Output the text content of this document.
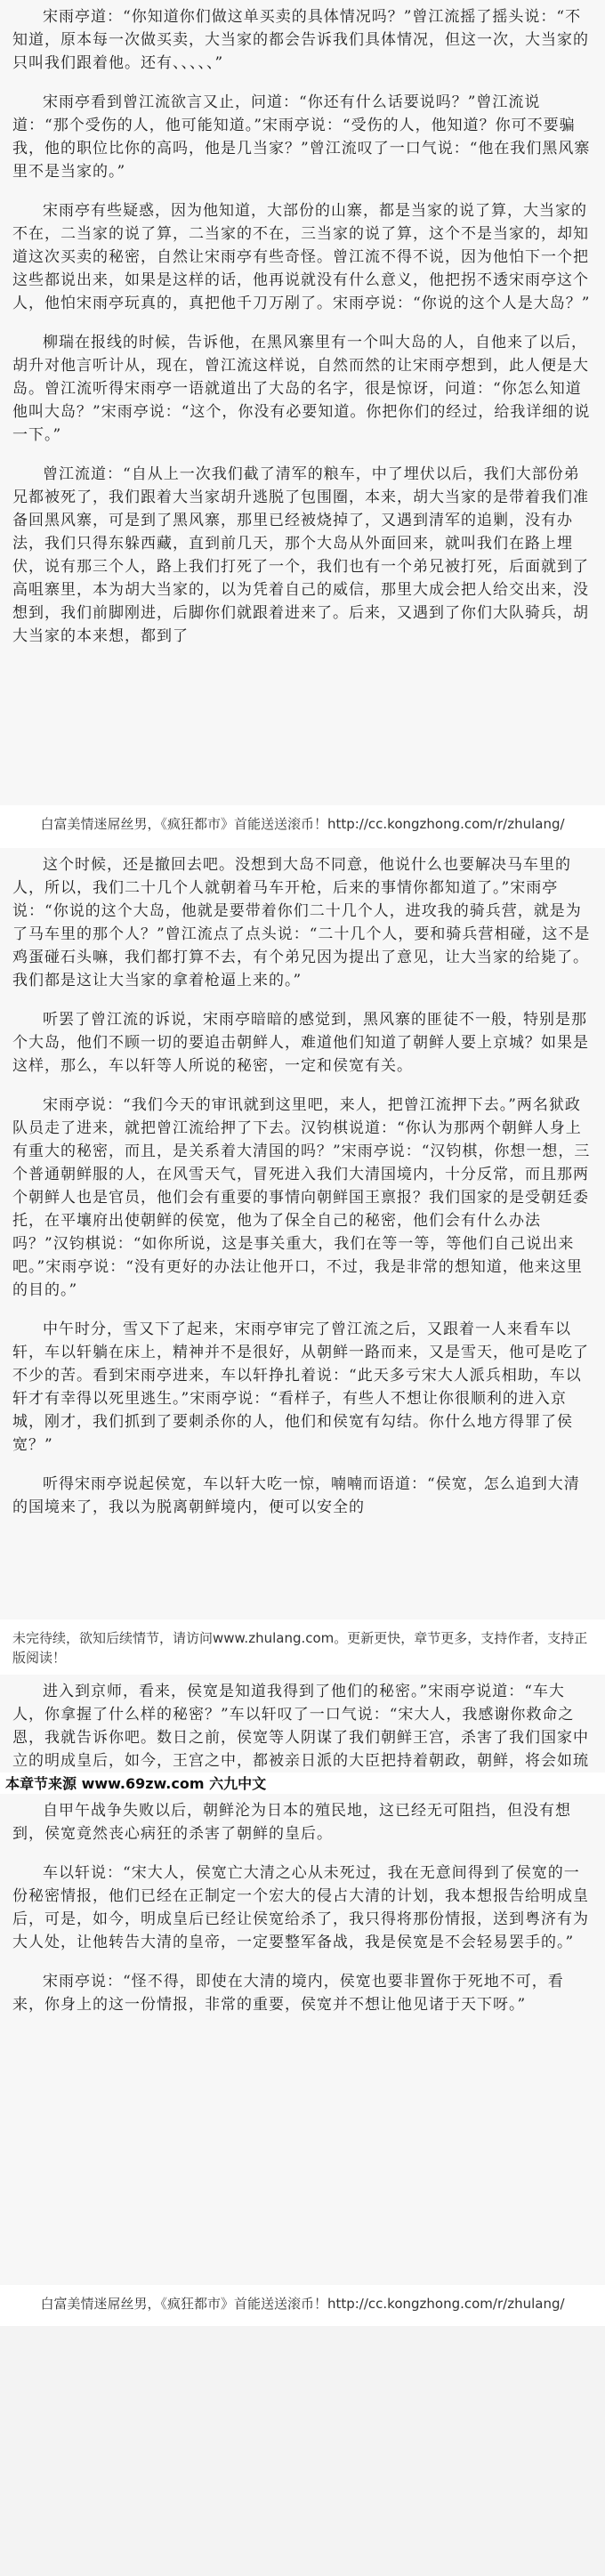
宋雨亭道：“你知道你们做这单买卖的具体情况吗？”曾江流摇了摇头说：“不知道，原本每一次做买卖，大当家的都会告诉我们具体情况，但这一次，大当家的只叫我们跟着他。还有、、、、、”

宋雨亭看到曾江流欲言又止，问道：“你还有什么话要说吗？”曾江流说道：“那个受伤的人，他可能知道。”宋雨亭说：“受伤的人，他知道？你可不要骗我，他的职位比你的高吗，他是几当家？”曾江流叹了一口气说：“他在我们黑风寨里不是当家的。”

宋雨亭有些疑惑，因为他知道，大部份的山寨，都是当家的说了算，大当家的不在，二当家的说了算，二当家的不在，三当家的说了算，这个不是当家的，却知道这次买卖的秘密，自然让宋雨亭有些奇怪。曾江流不得不说，因为他怕下一个把这些都说出来，如果是这样的话，他再说就没有什么意义，他把拐不透宋雨亭这个人，他怕宋雨亭玩真的，真把他千刀万剐了。宋雨亭说：“你说的这个人是大岛？”

柳瑞在报线的时候，告诉他，在黑风寨里有一个叫大岛的人，自他来了以后，胡升对他言听计从，现在，曾江流这样说，自然而然的让宋雨亭想到，此人便是大岛。曾江流听得宋雨亭一语就道出了大岛的名字，很是惊讶，问道：“你怎么知道他叫大岛？”宋雨亭说：“这个，你没有必要知道。你把你们的经过，给我详细的说一下。”

曾江流道：“自从上一次我们截了清军的粮车，中了埋伏以后，我们大部份弟兄都被死了，我们跟着大当家胡升逃脱了包围圈，本来，胡大当家的是带着我们准备回黑风寨，可是到了黑风寨，那里已经被烧掉了，又遇到清军的追剿，没有办法，我们只得东躲西藏，直到前几天，那个大岛从外面回来，就叫我们在路上埋伏，说有那三个人，路上我们打死了一个，我们也有一个弟兄被打死，后面就到了高咀寨里，本为胡大当家的，以为凭着自己的威信，那里大成会把人给交出来，没想到，我们前脚刚进，后脚你们就跟着进来了。后来，又遇到了你们大队骑兵，胡大当家的本来想，都到了

白富美情迷屌丝男，《疯狂都市》首能送送滚币！http://cc.kongzhong.com/r/zhulang/

这个时候，还是撤回去吧。没想到大岛不同意，他说什么也要解决马车里的人，所以，我们二十几个人就朝着马车开枪，后来的事情你都知道了。”宋雨亭说：“你说的这个大岛，他就是要带着你们二十几个人，进攻我的骑兵营，就是为了马车里的那个人？”曾江流点了点头说：“二十几个人，要和骑兵营相碰，这不是鸡蛋碰石头嘛，我们都打算不去，有个弟兄因为提出了意见，让大当家的给毙了。我们都是这让大当家的拿着枪逼上来的。”

听罢了曾江流的诉说，宋雨亭暗暗的感觉到，黑风寨的匪徒不一般，特别是那个大岛，他们不顾一切的要追击朝鲜人，难道他们知道了朝鲜人要上京城？如果是这样，那么，车以轩等人所说的秘密，一定和侯宽有关。

宋雨亭说：“我们今天的审讯就到这里吧，来人，把曾江流押下去。”两名狱政队员走了进来，就把曾江流给押了下去。汉钧棋说道：“你认为那两个朝鲜人身上有重大的秘密，而且，是关系着大清国的吗？”宋雨亭说：“汉钧棋，你想一想，三个普通朝鲜服的人，在风雪天气，冒死进入我们大清国境内，十分反常，而且那两个朝鲜人也是官员，他们会有重要的事情向朝鲜国王禀报？我们国家的是受朝廷委托，在平壤府出使朝鲜的侯宽，他为了保全自己的秘密，他们会有什么办法吗？”汉钧棋说：“如你所说，这是事关重大，我们在等一等，等他们自己说出来吧。”宋雨亭说：“没有更好的办法让他开口，不过，我是非常的想知道，他来这里的目的。”

中午时分，雪又下了起来，宋雨亭审完了曾江流之后，又跟着一人来看车以轩，车以轩躺在床上，精神并不是很好，从朝鲜一路而来，又是雪天，他可是吃了不少的苦。看到宋雨亭进来，车以轩挣扎着说：“此天多亏宋大人派兵相助，车以轩才有幸得以死里逃生。”宋雨亭说：“看样子，有些人不想让你很顺利的进入京城，刚才，我们抓到了要刺杀你的人，他们和侯宽有勾结。你什么地方得罪了侯宽？”

听得宋雨亭说起侯宽，车以轩大吃一惊，喃喃而语道：“侯宽，怎么追到大清的国境来了，我以为脱离朝鲜境内，便可以安全的

未完待续，欲知后续情节，请访问www.zhulang.com。更新更快，章节更多，支持作者，支持正版阅读！

进入到京师，看来，侯宽是知道我得到了他们的秘密。”宋雨亭说道：“车大人，你拿握了什么样的秘密？”车以轩叹了一口气说：“宋大人，我感谢你救命之恩，我就告诉你吧。数日之前，侯宽等人阴谋了我们朝鲜王宫，杀害了我们国家中立的明成皇后，如今，王宫之中，都被亲日派的大臣把持着朝政，朝鲜，将会如琉

本章节来源 www.69zw.com 六九中文

自甲午战争失败以后，朝鲜沦为日本的殖民地，这已经无可阻挡，但没有想到，侯宽竟然丧心病狂的杀害了朝鲜的皇后。

车以轩说：“宋大人，侯宽亡大清之心从未死过，我在无意间得到了侯宽的一份秘密情报，他们已经在正制定一个宏大的侵占大清的计划，我本想报告给明成皇后，可是，如今，明成皇后已经让侯宽给杀了，我只得将那份情报，送到粤济有为大人处，让他转告大清的皇帝，一定要整军备战，我是侯宽是不会轻易罢手的。”

宋雨亭说：“怪不得，即使在大清的境内，侯宽也要非置你于死地不可，看来，你身上的这一份情报，非常的重要，侯宽并不想让他见诸于天下呀。”

白富美情迷屌丝男，《疯狂都市》首能送送滚币！http://cc.kongzhong.com/r/zhulang/
